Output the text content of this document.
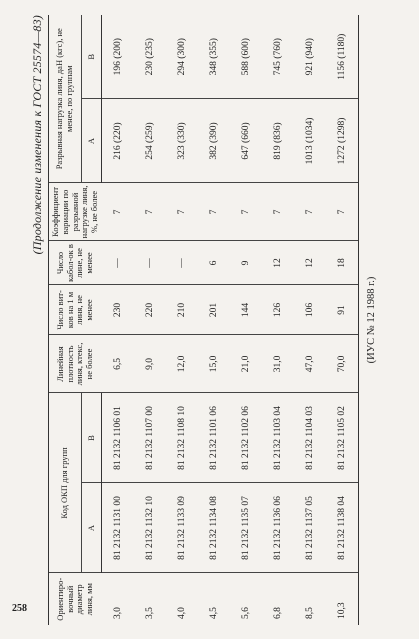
(Продолжение изменения к ГОСТ 25574—83)
Ориентиро-вочный диаметр линя, мм	Код ОКП для групп		Линейная плотность линя, ктекс, не более	Число вит-ков на 1 м линя, не менее	Число кабол-ок в лине, не менее	Коэффициент вариации по разрывной нагрузке линя, %, не более	Разрывная нагрузка линя, даН (кгс), не менее, по группам	
	А	В					А	В
3,0	81 2132 1131 00	81 2132 1106 01	6,5	230	—	7	216 (220)	196 (200)
3,5	81 2132 1132 10	81 2132 1107 00	9,0	220	—	7	254 (259)	230 (235)
4,0	81 2132 1133 09	81 2132 1108 10	12,0	210	—	7	323 (330)	294 (300)
4,5	81 2132 1134 08	81 2132 1101 06	15,0	201	6	7	382 (390)	348 (355)
5,6	81 2132 1135 07	81 2132 1102 06	21,0	144	9	7	647 (660)	588 (600)
6,8	81 2132 1136 06	81 2132 1103 04	31,0	126	12	7	819 (836)	745 (760)
8,5	81 2132 1137 05	81 2132 1104 03	47,0	106	12	7	1013 (1034)	921 (940)
10,3	81 2132 1138 04	81 2132 1105 02	70,0	91	18	7	1272 (1298)	1156 (1180)
(ИУС № 12 1988 г.)
258
